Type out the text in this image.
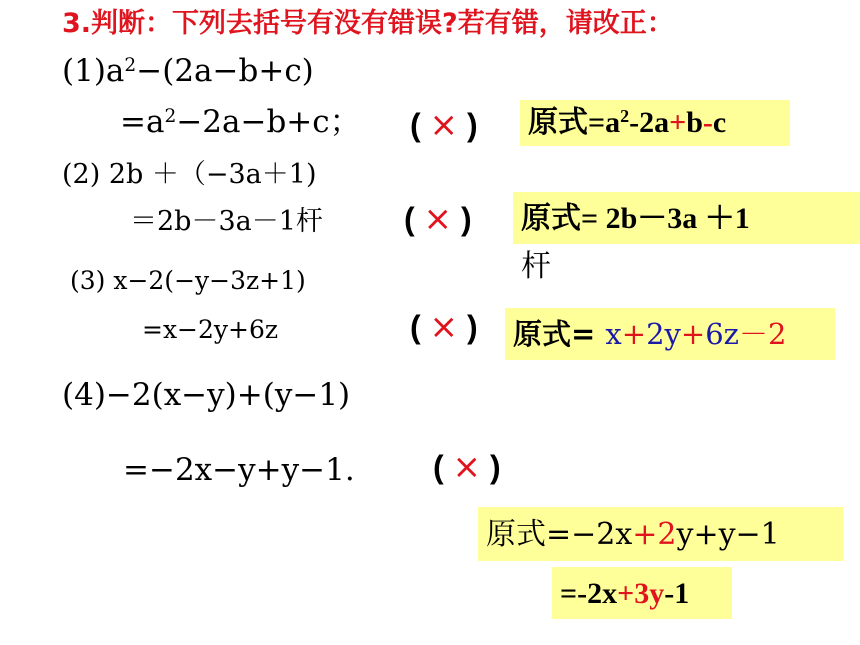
3.判断：下列去括号有没有错误?若有错，请改正：
$(1)a^2-(2a-b+c)$
$=a^2-2a-b+c$； ( × ) 原式$=a^2-2a+b-c$
(2) 2b ＋（−3a＋1)
＝2b－3a－1杆	( × ) 原式= 2b－3a ＋1
杆
(3) x−2(−y−3z+1)
=x−2y+6z	( × ) 原式= x+2y+6z－2
(4)−2(x−y)+(y−1)
=−2x−y+y−1. ( × )
原式=−2x+2y+y−1
=-2x+3y-1
